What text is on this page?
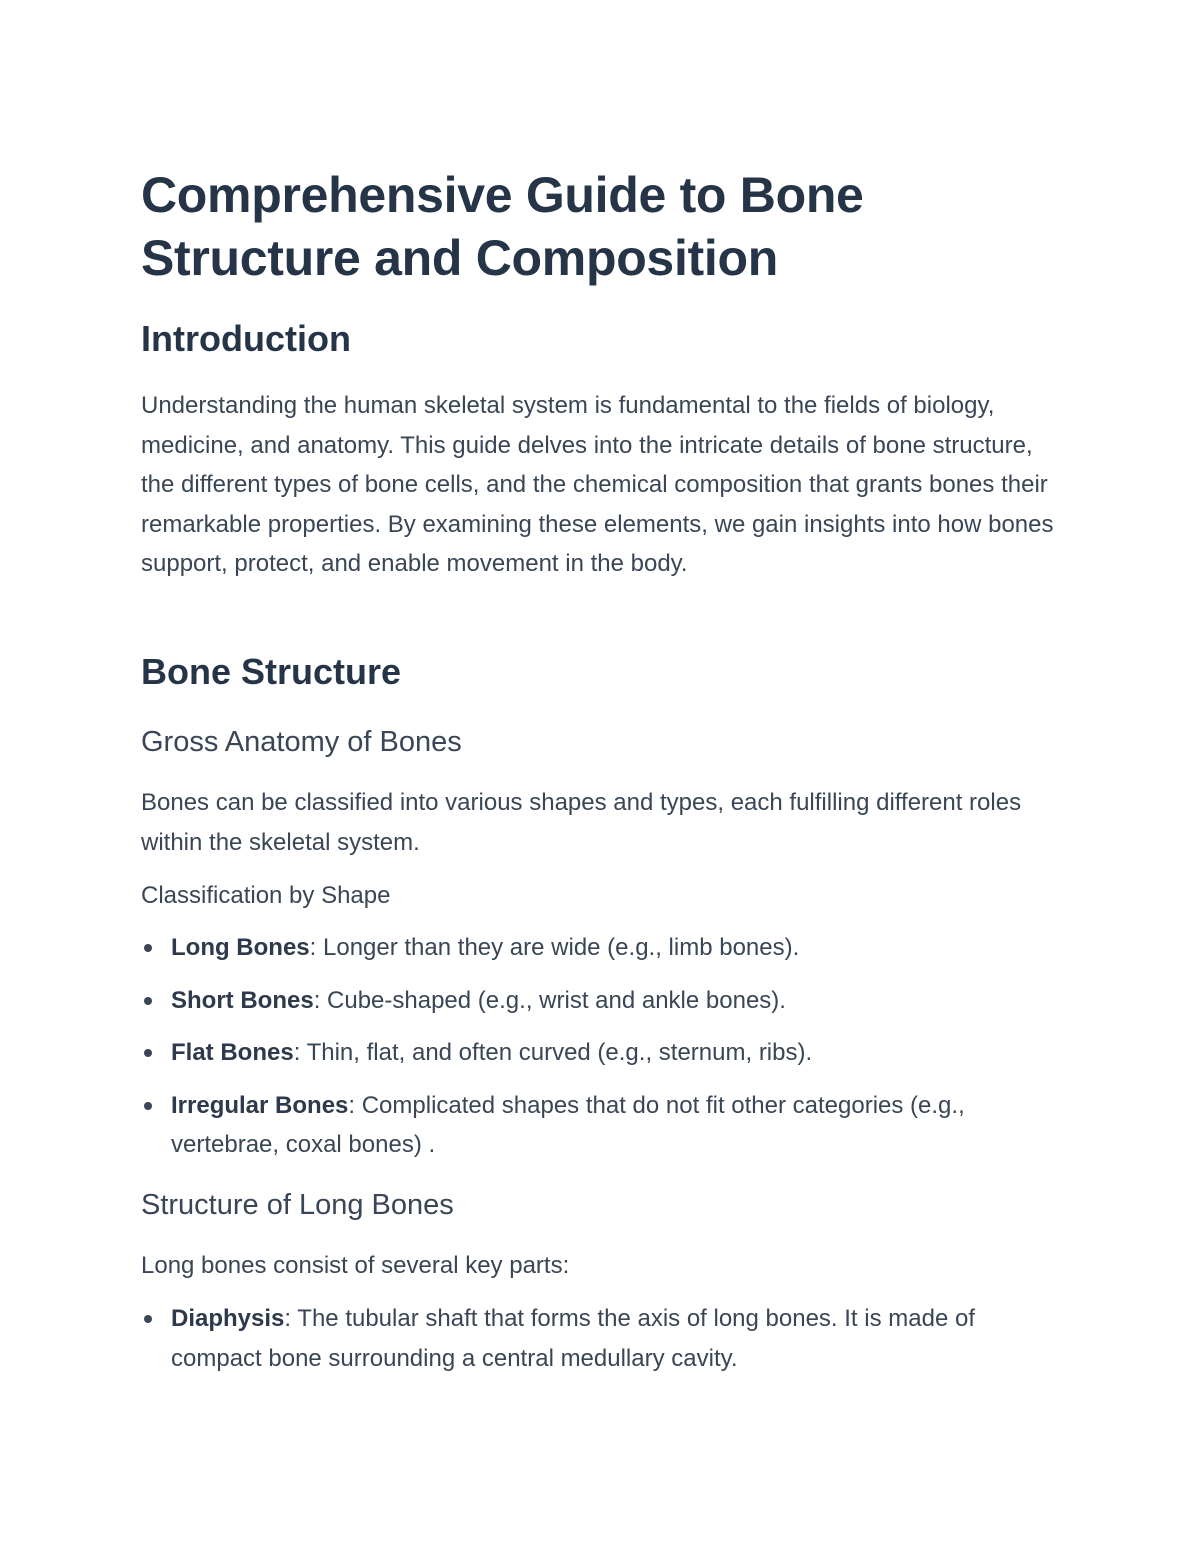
Comprehensive Guide to Bone Structure and Composition
Introduction

Understanding the human skeletal system is fundamental to the fields of biology, medicine, and anatomy. This guide delves into the intricate details of bone structure, the different types of bone cells, and the chemical composition that grants bones their remarkable properties. By examining these elements, we gain insights into how bones support, protect, and enable movement in the body.

Bone Structure
Gross Anatomy of Bones

Bones can be classified into various shapes and types, each fulfilling different roles within the skeletal system.

Classification by Shape
Long Bones: Longer than they are wide (e.g., limb bones).
Short Bones: Cube-shaped (e.g., wrist and ankle bones).
Flat Bones: Thin, flat, and often curved (e.g., sternum, ribs).
Irregular Bones: Complicated shapes that do not fit other categories (e.g., vertebrae, coxal bones) .
Structure of Long Bones

Long bones consist of several key parts:

Diaphysis: The tubular shaft that forms the axis of long bones. It is made of compact bone surrounding a central medullary cavity.
